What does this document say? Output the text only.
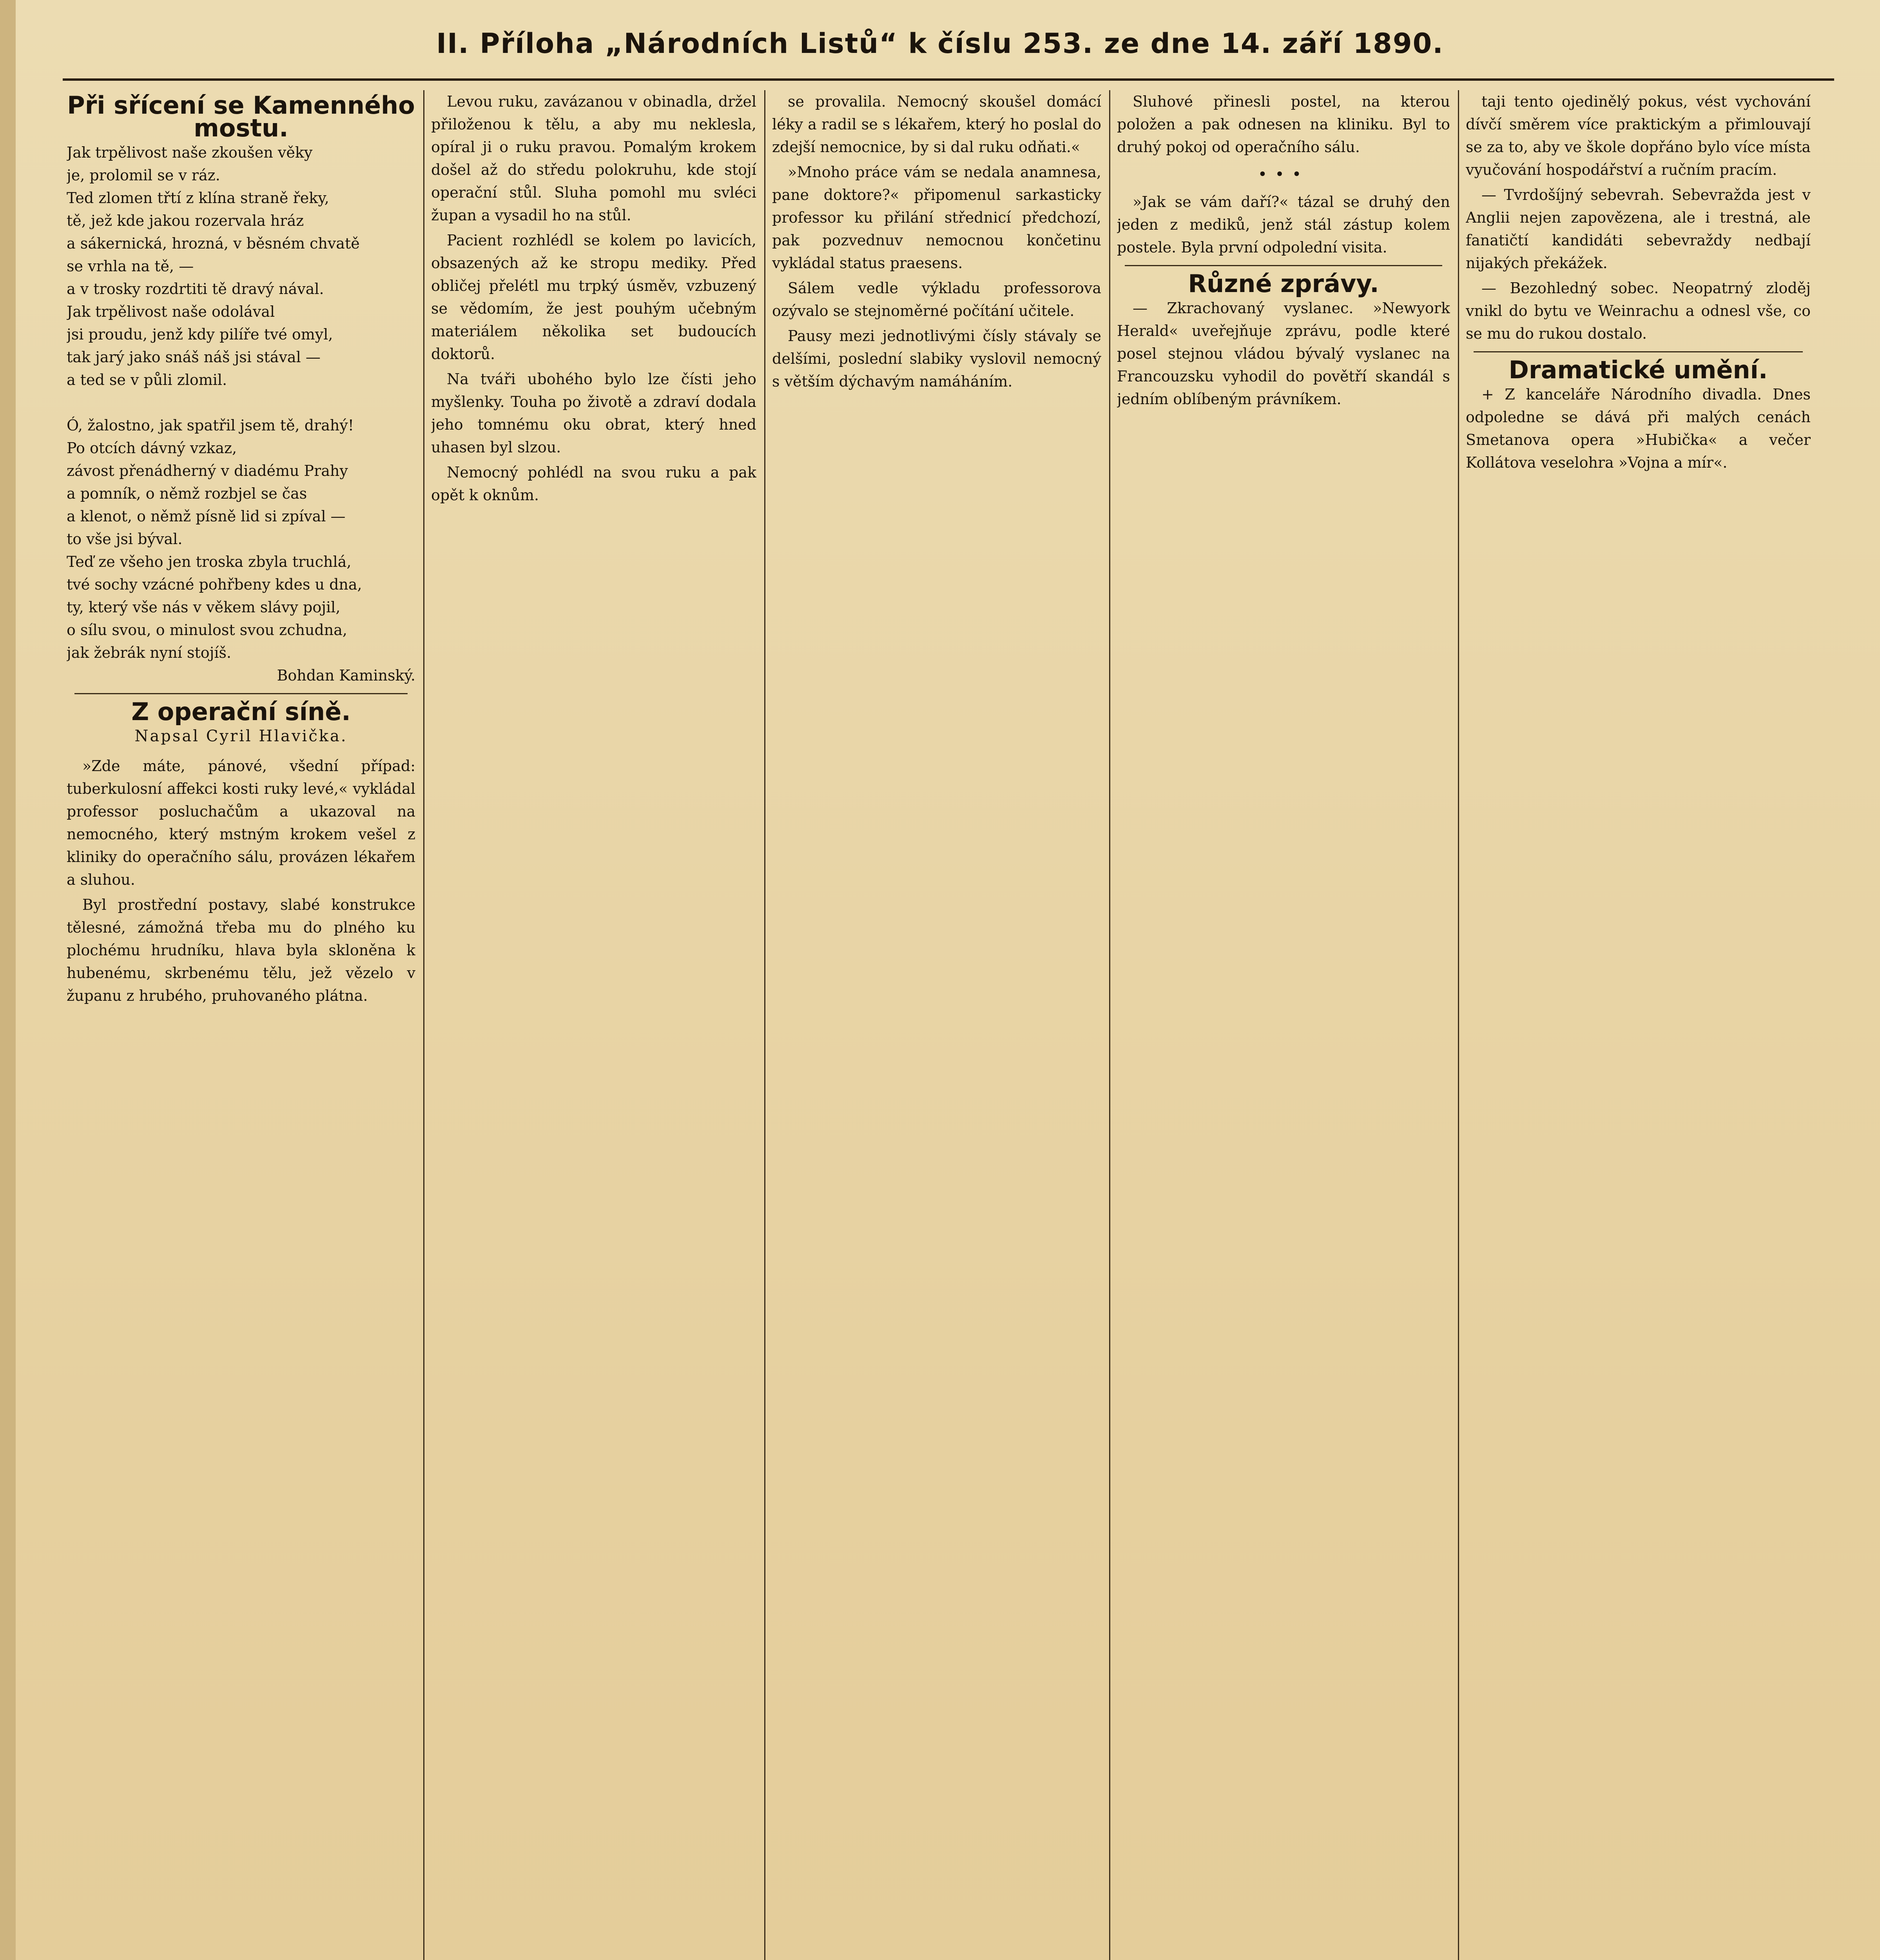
II. Příloha „Národních Listů“ k číslu 253. ze dne 14. září 1890.
Při sřícení se Kamenného mostu.

Jak trpělivost naše zkoušen věky

je, prolomil se v ráz.

Ted zlomen třtí z klína straně řeky,

tě, jež kde jakou rozervala hráz

a sákernická, hrozná, v běsném chvatě

se vrhla na tě, —

a v trosky rozdrtiti tě dravý nával.

Jak trpělivost naše odolával

jsi proudu, jenž kdy pilíře tvé omyl,

tak jarý jako snáš náš jsi stával —

a ted se v půli zlomil.

Ó, žalostno, jak spatřil jsem tě, drahý!

Po otcích dávný vzkaz,

závost přenádherný v diadému Prahy

a pomník, o němž rozbjel se čas

a klenot, o němž písně lid si zpíval —

to vše jsi býval.

Teď ze všeho jen troska zbyla truchlá,

tvé sochy vzácné pohřbeny kdes u dna,

ty, který vše nás v věkem slávy pojil,

o sílu svou, o minulost svou zchudna,

jak žebrák nyní stojíš.

Bohdan Kaminský.

Z operační síně.
Napsal Cyril Hlavička.

»Zde máte, pánové, všední případ: tuberkulosní affekci kosti ruky levé,« vykládal professor posluchačům a ukazoval na nemocného, který mstným krokem vešel z kliniky do operačního sálu, provázen lékařem a sluhou.

Byl prostřední postavy, slabé konstrukce tělesné, zámožná třeba mu do plného ku plochému hrudníku, hlava byla skloněna k hubenému, skrbenému tělu, jež vězelo v županu z hrubého, pruhovaného plátna.

Levou ruku, zavázanou v obinadla, držel přiloženou k tělu, a aby mu neklesla, opíral ji o ruku pravou. Pomalým krokem došel až do středu polokruhu, kde stojí operační stůl. Sluha pomohl mu svléci župan a vysadil ho na stůl.

Pacient rozhlédl se kolem po lavicích, obsazených až ke stropu mediky. Před obličej přelétl mu trpký úsměv, vzbuzený se vědomím, že jest pouhým učebným materiálem několika set budoucích doktorů.

Na tváři ubohého bylo lze čísti jeho myšlenky. Touha po životě a zdraví dodala jeho tomnému oku obrat, který hned uhasen byl slzou.

Nemocný pohlédl na svou ruku a pak opět k oknům.

se provalila. Nemocný skoušel domácí léky a radil se s lékařem, který ho poslal do zdejší nemocnice, by si dal ruku odňati.«

»Mnoho práce vám se nedala anamnesa, pane doktore?« připomenul sarkasticky professor ku přilání střednicí předchozí, pak pozvednuv nemocnou končetinu vykládal status praesens.

Sálem vedle výkladu professorova ozývalo se stejnoměrné počítání učitele.

Pausy mezi jednotlivými čísly stávaly se delšími, poslední slabiky vyslovil nemocný s větším dýchavým namáháním.

Sluhové přinesli postel, na kterou položen a pak odnesen na kliniku. Byl to druhý pokoj od operačního sálu.

•••

»Jak se vám daří?« tázal se druhý den jeden z mediků, jenž stál zástup kolem postele. Byla první odpolední visita.

Různé zprávy.

— Zkrachovaný vyslanec. »Newyork Herald« uveřejňuje zprávu, podle které posel stejnou vládou bývalý vyslanec na Francouzsku vyhodil do povětří skandál s jedním oblíbeným právníkem.

taji tento ojedinělý pokus, vést vychování dívčí směrem více praktickým a přimlouvají se za to, aby ve škole dopřáno bylo více místa vyučování hospodářství a ručním pracím.

— Tvrdošíjný sebevrah. Sebevražda jest v Anglii nejen zapovězena, ale i trestná, ale fanatičtí kandidáti sebevraždy nedbají nijakých překážek.

— Bezohledný sobec. Neopatrný zloděj vnikl do bytu ve Weinrachu a odnesl vše, co se mu do rukou dostalo.

Dramatické umění.

+ Z kanceláře Národního divadla. Dnes odpoledne se dává při malých cenách Smetanova opera »Hubička« a večer Kollátova veselohra »Vojna a mír«.
